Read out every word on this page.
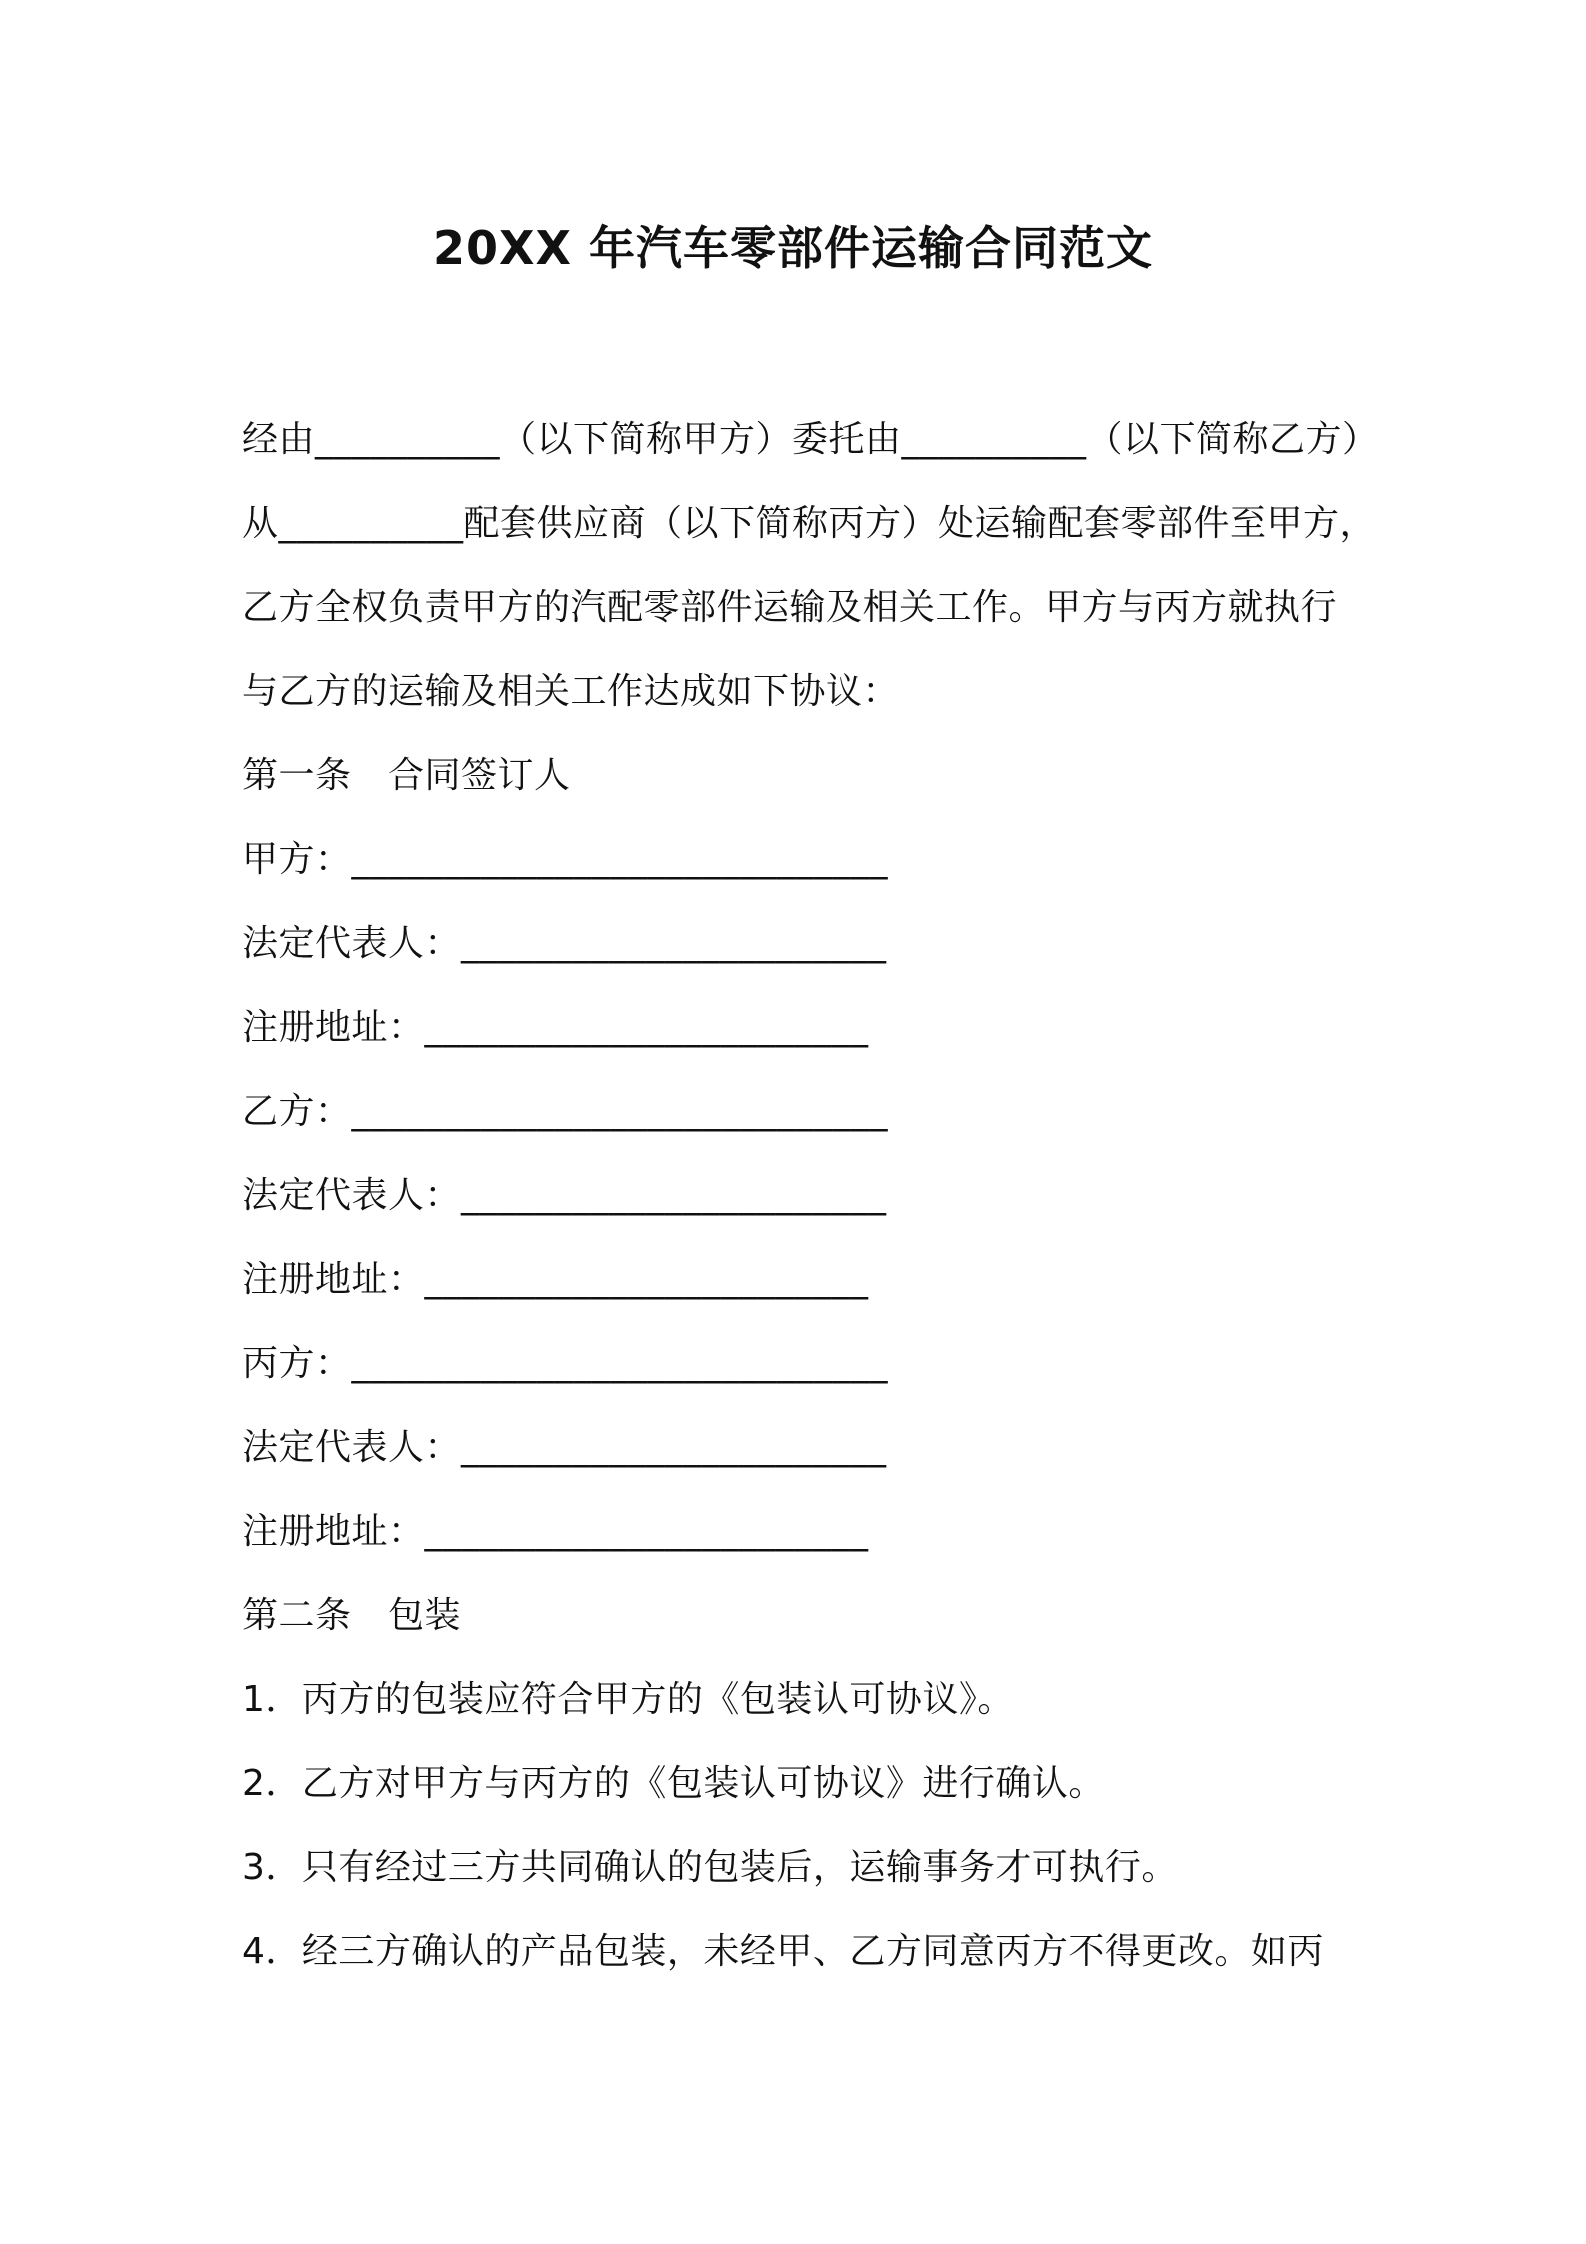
20XX 年汽车零部件运输合同范文
经由__________（以下简称甲方）委托由__________（以下简称乙方）
从__________配套供应商（以下简称丙方）处运输配套零部件至甲方，
乙方全权负责甲方的汽配零部件运输及相关工作。甲方与丙方就执行
与乙方的运输及相关工作达成如下协议：
第一条　合同签订人
甲方：_____________________________
法定代表人：_______________________
注册地址：________________________
乙方：_____________________________
法定代表人：_______________________
注册地址：________________________
丙方：_____________________________
法定代表人：_______________________
注册地址：________________________
第二条　包装
1．丙方的包装应符合甲方的《包装认可协议》。
2．乙方对甲方与丙方的《包装认可协议》进行确认。
3．只有经过三方共同确认的包装后，运输事务才可执行。
4．经三方确认的产品包装，未经甲、乙方同意丙方不得更改。如丙
